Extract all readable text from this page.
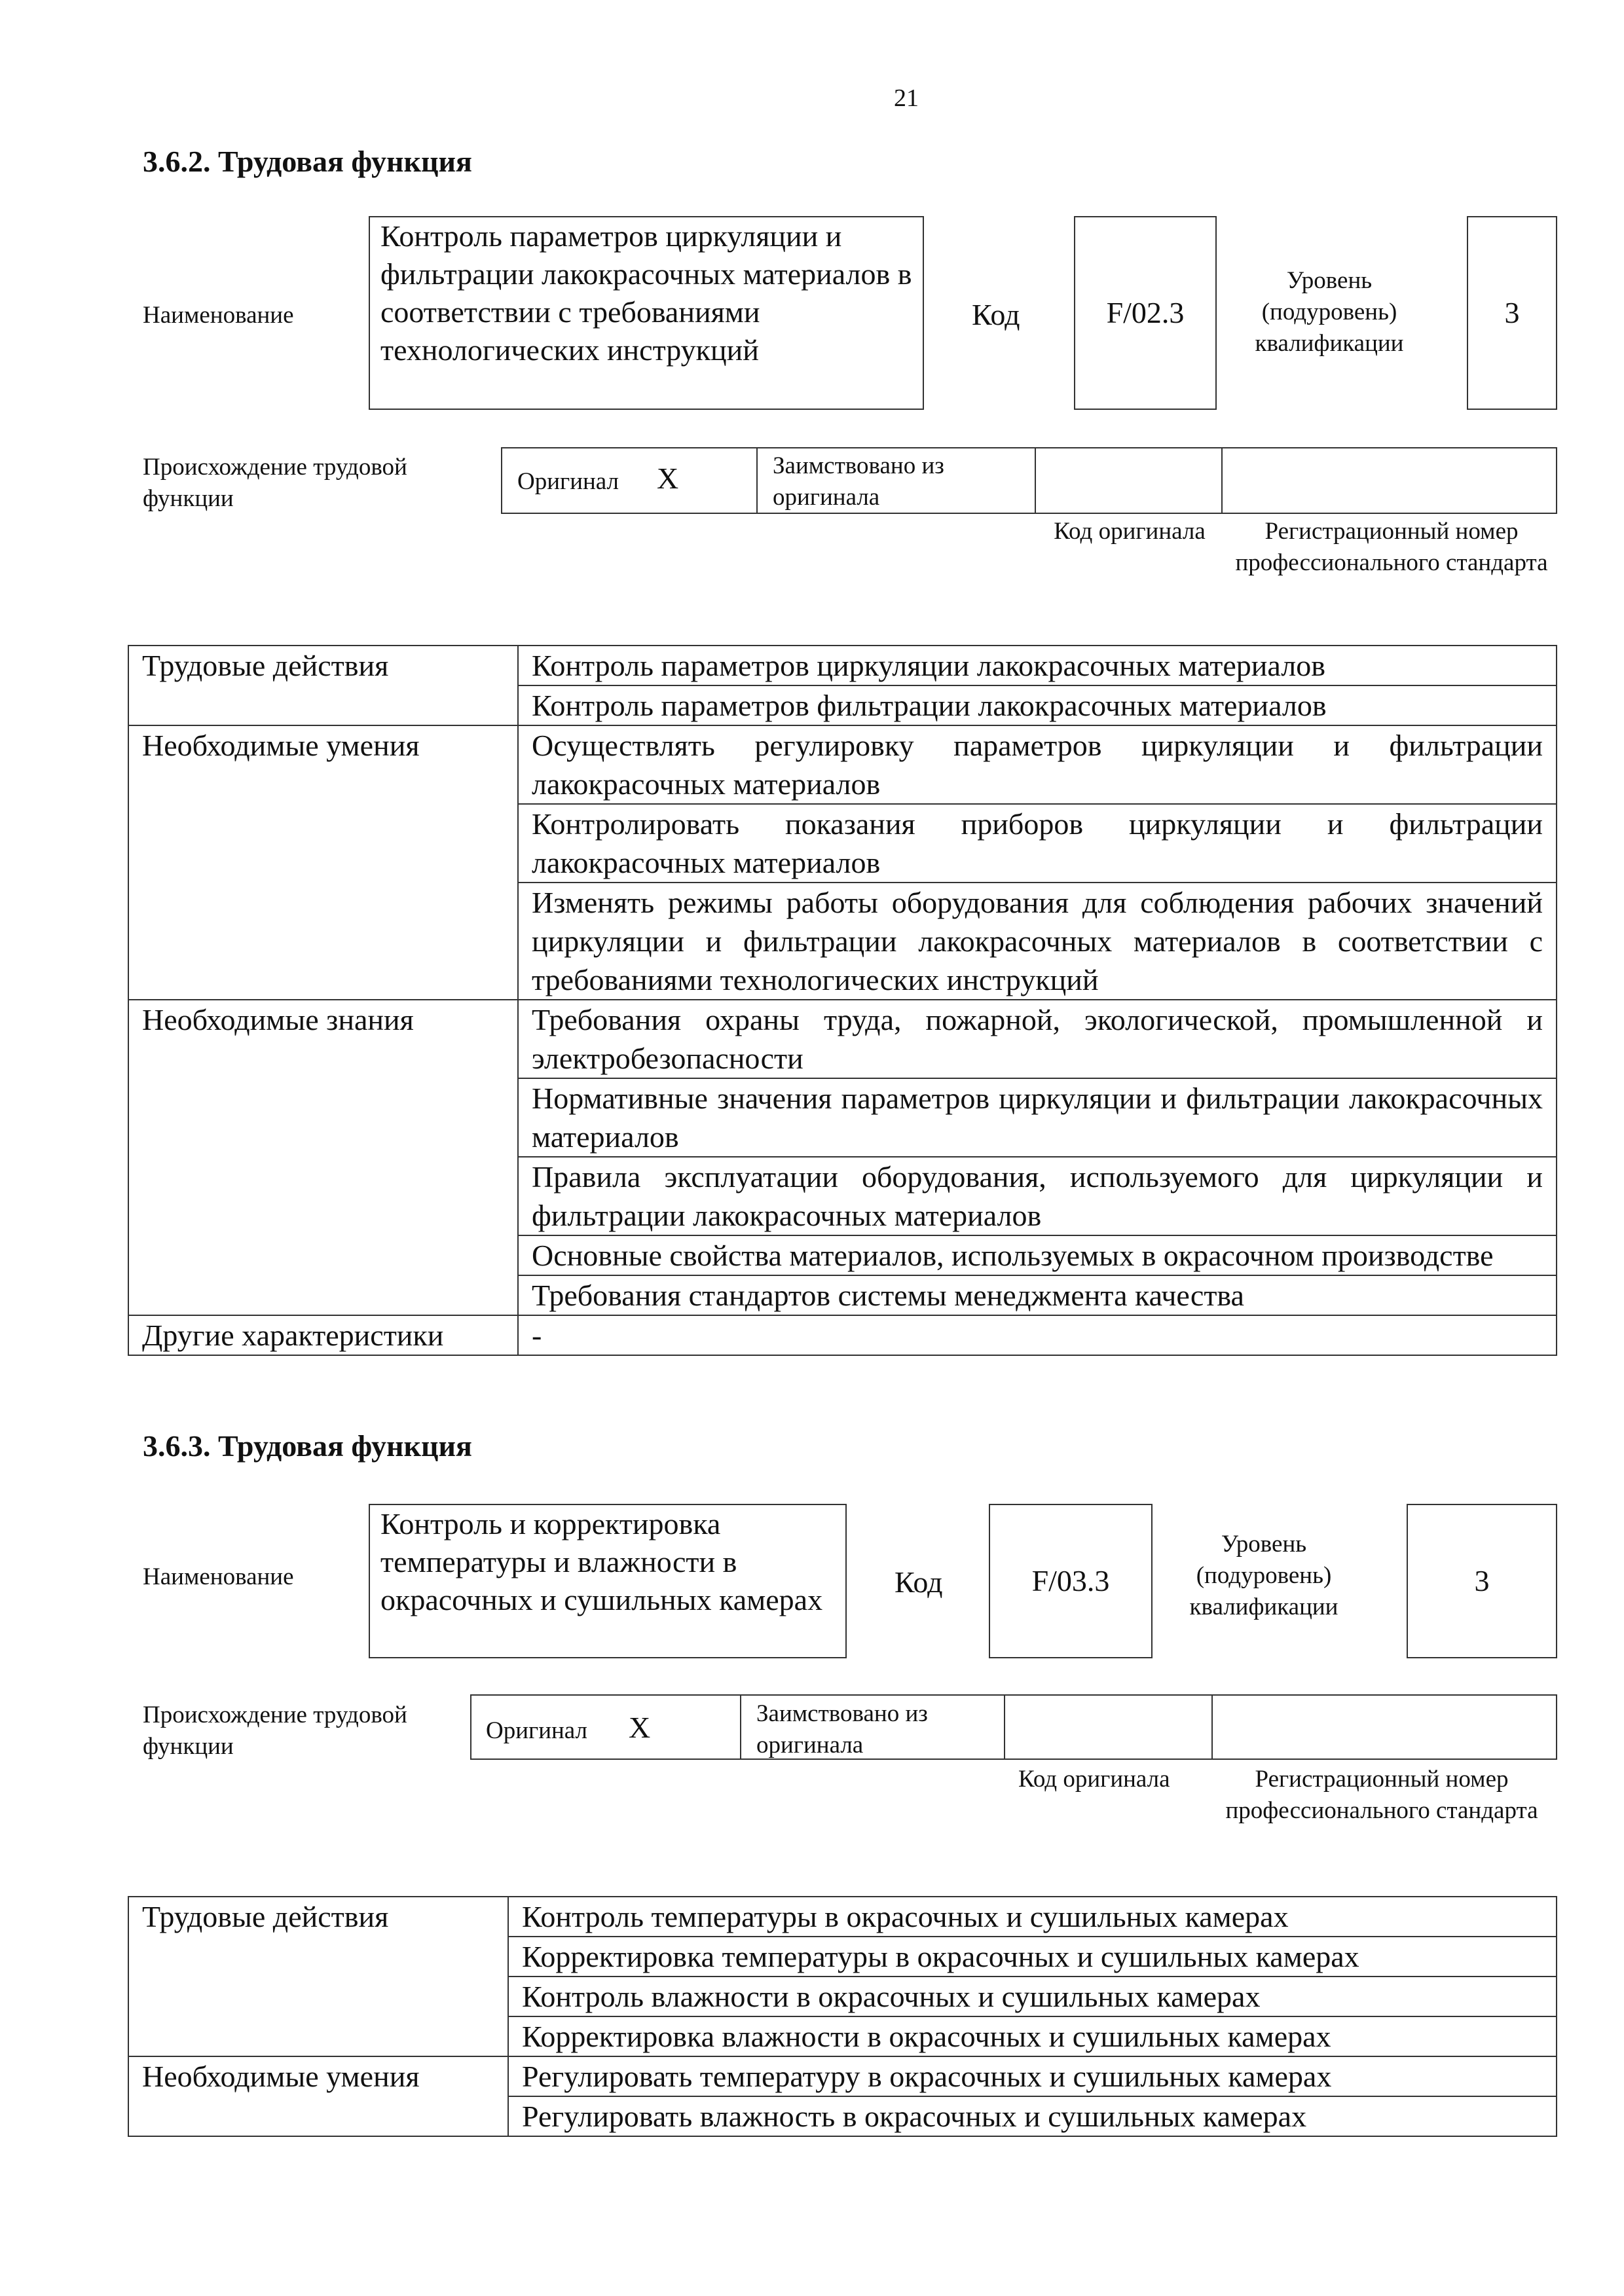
21
3.6.2. Трудовая функция
Наименование
Контроль параметров циркуляции и фильтрации лакокрасочных материалов в соответствии с требованиями технологических инструкций
Код	F/02.3
Уровень (подуровень) квалификации
3
Происхождение трудовой функции
Оригинал X	Заимствовано из оригинала
Код оригинала	Регистрационный номер профессионального стандарта
Трудовые действия	Контроль параметров циркуляции лакокрасочных материалов
	Контроль параметров фильтрации лакокрасочных материалов
Необходимые умения	Осуществлять регулировку параметров циркуляции и фильтрации лакокрасочных материалов
	Контролировать показания приборов циркуляции и фильтрации лакокрасочных материалов
	Изменять режимы работы оборудования для соблюдения рабочих значений циркуляции и фильтрации лакокрасочных материалов в соответствии с требованиями технологических инструкций
Необходимые знания	Требования охраны труда, пожарной, экологической, промышленной и электробезопасности
	Нормативные значения параметров циркуляции и фильтрации лакокрасочных материалов
	Правила эксплуатации оборудования, используемого для циркуляции и фильтрации лакокрасочных материалов
	Основные свойства материалов, используемых в окрасочном производстве
	Требования стандартов системы менеджмента качества
Другие характеристики	-
3.6.3. Трудовая функция
Наименование
Контроль и корректировка температуры и влажности в окрасочных и сушильных камерах
Код	F/03.3
Уровень (подуровень) квалификации
3
Происхождение трудовой функции
Оригинал X	Заимствовано из оригинала
Код оригинала	Регистрационный номер профессионального стандарта
Трудовые действия	Контроль температуры в окрасочных и сушильных камерах
	Корректировка температуры в окрасочных и сушильных камерах
	Контроль влажности в окрасочных и сушильных камерах
	Корректировка влажности в окрасочных и сушильных камерах
Необходимые умения	Регулировать температуру в окрасочных и сушильных камерах
	Регулировать влажность в окрасочных и сушильных камерах
